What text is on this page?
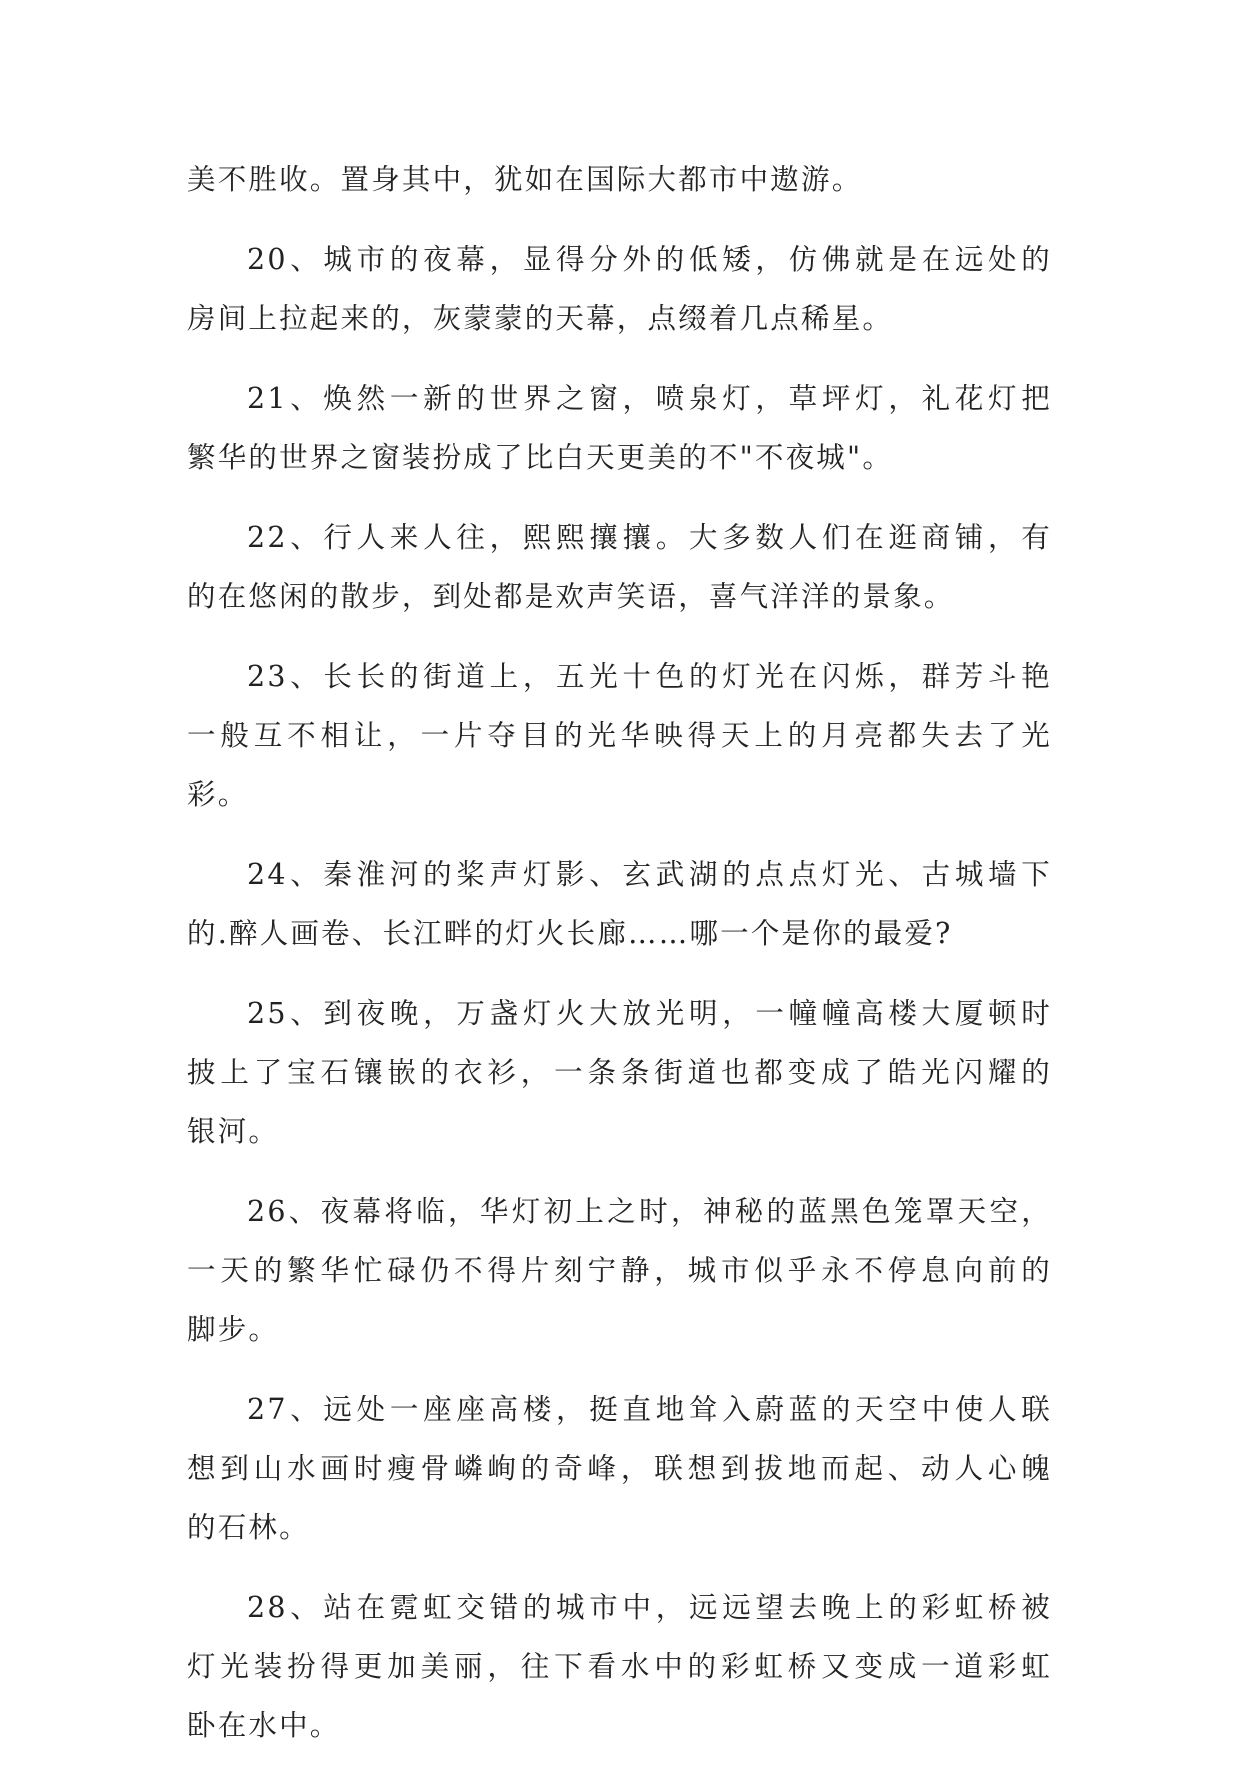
美不胜收。置身其中，犹如在国际大都市中遨游。
20、城市的夜幕，显得分外的低矮，仿佛就是在远处的
房间上拉起来的，灰蒙蒙的天幕，点缀着几点稀星。
21、焕然一新的世界之窗，喷泉灯，草坪灯，礼花灯把
繁华的世界之窗装扮成了比白天更美的不"不夜城"。
22、行人来人往，熙熙攘攘。大多数人们在逛商铺，有
的在悠闲的散步，到处都是欢声笑语，喜气洋洋的景象。
23、长长的街道上，五光十色的灯光在闪烁，群芳斗艳
一般互不相让，一片夺目的光华映得天上的月亮都失去了光
彩。
24、秦淮河的桨声灯影、玄武湖的点点灯光、古城墙下
的.醉人画卷、长江畔的灯火长廊……哪一个是你的最爱?
25、到夜晚，万盏灯火大放光明，一幢幢高楼大厦顿时
披上了宝石镶嵌的衣衫，一条条街道也都变成了皓光闪耀的
银河。
26、夜幕将临，华灯初上之时，神秘的蓝黑色笼罩天空，
一天的繁华忙碌仍不得片刻宁静，城市似乎永不停息向前的
脚步。
27、远处一座座高楼，挺直地耸入蔚蓝的天空中使人联
想到山水画时瘦骨嶙峋的奇峰，联想到拔地而起、动人心魄
的石林。
28、站在霓虹交错的城市中，远远望去晚上的彩虹桥被
灯光装扮得更加美丽，往下看水中的彩虹桥又变成一道彩虹
卧在水中。
